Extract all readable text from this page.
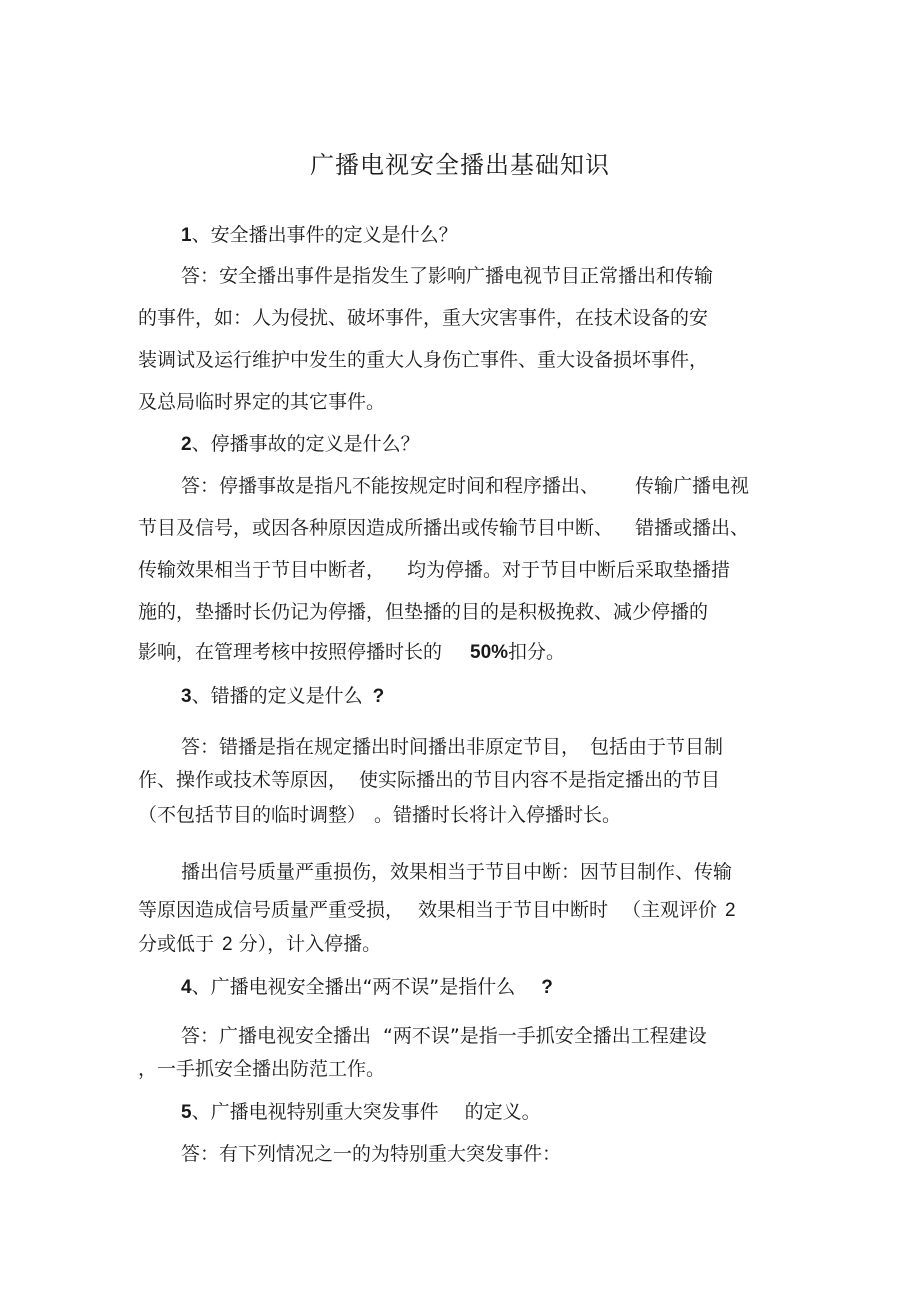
广播电视安全播出基础知识

1、安全播出事件的定义是什么？

答：安全播出事件是指发生了影响广播电视节目正常播出和传输

的事件，如：人为侵扰、破坏事件，重大灾害事件，在技术设备的安

装调试及运行维护中发生的重大人身伤亡事件、重大设备损坏事件，

及总局临时界定的其它事件。

2、停播事故的定义是什么？

答：停播事故是指凡不能按规定时间和程序播出、 传输广播电视

节目及信号，或因各种原因造成所播出或传输节目中断、 错播或播出、

传输效果相当于节目中断者， 均为停播。对于节目中断后采取垫播措

施的，垫播时长仍记为停播，但垫播的目的是积极挽救、减少停播的

影响，在管理考核中按照停播时长的 50%扣分。

3、错播的定义是什么 ?

答：错播是指在规定播出时间播出非原定节目， 包括由于节目制

作、操作或技术等原因， 使实际播出的节目内容不是指定播出的节目

（不包括节目的临时调整） 。错播时长将计入停播时长。

播出信号质量严重损伤，效果相当于节目中断：因节目制作、传输

等原因造成信号质量严重受损， 效果相当于节目中断时 （主观评价 2

分或低于 2 分），计入停播。

4、广播电视安全播出“两不误”是指什么 ?

答：广播电视安全播出 “两不误”是指一手抓安全播出工程建设

，一手抓安全播出防范工作。

5、广播电视特别重大突发事件 的定义。

答：有下列情况之一的为特别重大突发事件：
